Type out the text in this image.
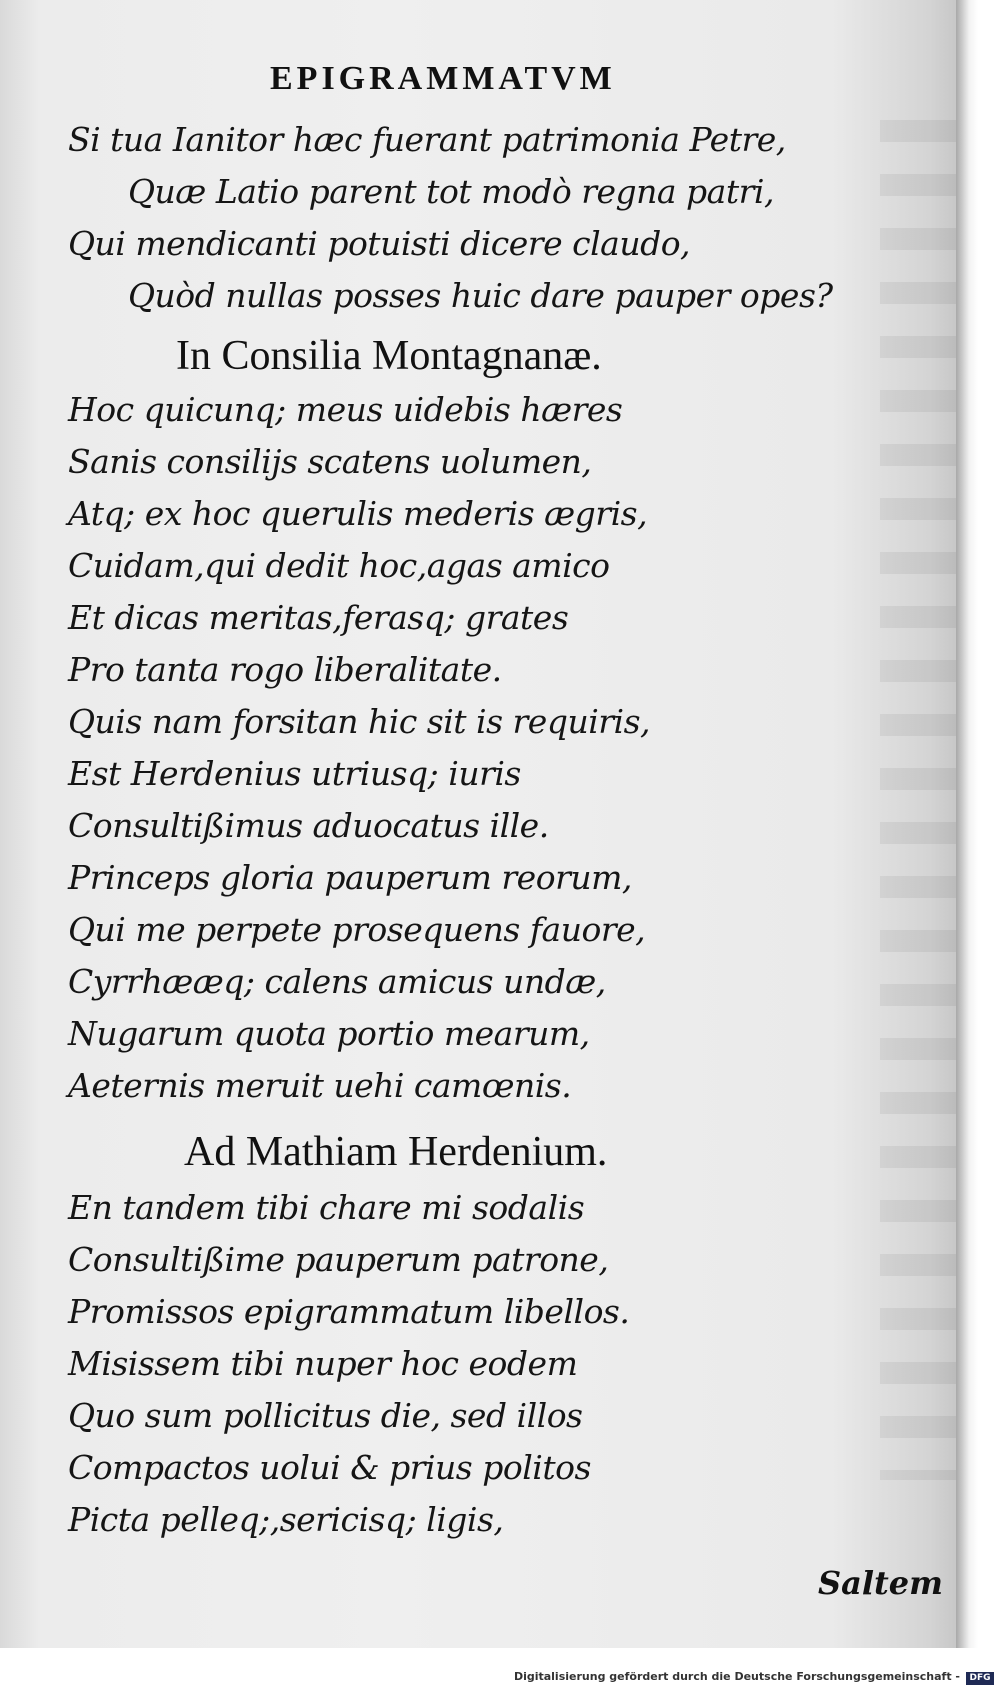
EPIGRAMMATVM
Si tua Ianitor hæc fuerant patrimonia Petre,
Quæ Latio parent tot modò regna patri,
Qui mendicanti potuisti dicere claudo,
Quòd nullas posses huic dare pauper opes?
In Consilia Montagnanæ.
Hoc quicunq; meus uidebis hæres
Sanis consilijs scatens uolumen,
Atq; ex hoc querulis mederis ægris,
Cuidam,qui dedit hoc,agas amico
Et dicas meritas,ferasq; grates
Pro tanta rogo liberalitate.
Quis nam forsitan hic sit is requiris,
Est Herdenius utriusq; iuris
Consultißimus aduocatus ille.
Princeps gloria pauperum reorum,
Qui me perpete prosequens fauore,
Cyrrhææq; calens amicus undæ,
Nugarum quota portio mearum,
Aeternis meruit uehi camœnis.
Ad Mathiam Herdenium.
En tandem tibi chare mi sodalis
Consultißime pauperum patrone,
Promissos epigrammatum libellos.
Misissem tibi nuper hoc eodem
Quo sum pollicitus die, sed illos
Compactos uolui & prius politos
Picta pelleq;,sericisq; ligis,
Saltem
Digitalisierung gefördert durch die Deutsche Forschungsgemeinschaft -	DFG
